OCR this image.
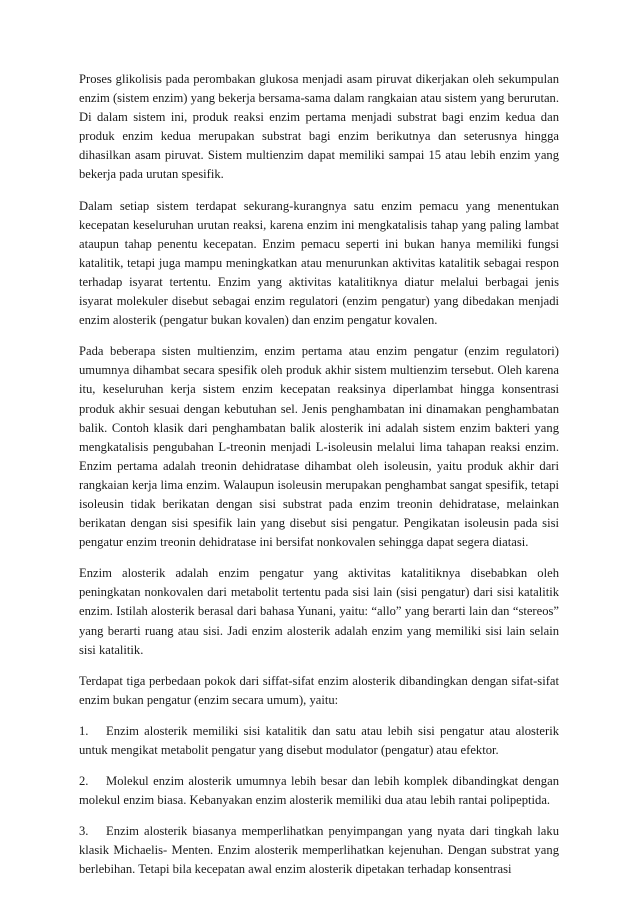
Proses glikolisis pada perombakan glukosa menjadi asam piruvat dikerjakan oleh sekumpulan enzim (sistem enzim) yang bekerja bersama-sama dalam rangkaian atau sistem yang berurutan. Di dalam sistem ini, produk reaksi enzim pertama menjadi substrat bagi enzim kedua dan produk enzim kedua merupakan substrat bagi enzim berikutnya dan seterusnya hingga dihasilkan asam piruvat. Sistem multienzim dapat memiliki sampai 15 atau lebih enzim yang bekerja pada urutan spesifik.

Dalam setiap sistem terdapat sekurang-kurangnya satu enzim pemacu yang menentukan kecepatan keseluruhan urutan reaksi, karena enzim ini mengkatalisis tahap yang paling lambat ataupun tahap penentu kecepatan. Enzim pemacu seperti ini bukan hanya memiliki fungsi katalitik, tetapi juga mampu meningkatkan atau menurunkan aktivitas katalitik sebagai respon terhadap isyarat tertentu. Enzim yang aktivitas katalitiknya diatur melalui berbagai jenis isyarat molekuler disebut sebagai enzim regulatori (enzim pengatur) yang dibedakan menjadi enzim alosterik (pengatur bukan kovalen) dan enzim pengatur kovalen.

Pada beberapa sisten multienzim, enzim pertama atau enzim pengatur (enzim regulatori) umumnya dihambat secara spesifik oleh produk akhir sistem multienzim tersebut. Oleh karena itu, keseluruhan kerja sistem enzim kecepatan reaksinya diperlambat hingga konsentrasi produk akhir sesuai dengan kebutuhan sel. Jenis penghambatan ini dinamakan penghambatan balik. Contoh klasik dari penghambatan balik alosterik ini adalah sistem enzim bakteri yang mengkatalisis pengubahan L-treonin menjadi L-isoleusin melalui lima tahapan reaksi enzim. Enzim pertama adalah treonin dehidratase dihambat oleh isoleusin, yaitu produk akhir dari rangkaian kerja lima enzim. Walaupun isoleusin merupakan penghambat sangat spesifik, tetapi isoleusin tidak berikatan dengan sisi substrat pada enzim treonin dehidratase, melainkan berikatan dengan sisi spesifik lain yang disebut sisi pengatur. Pengikatan isoleusin pada sisi pengatur enzim treonin dehidratase ini bersifat nonkovalen sehingga dapat segera diatasi.

Enzim alosterik adalah enzim pengatur yang aktivitas katalitiknya disebabkan oleh peningkatan nonkovalen dari metabolit tertentu pada sisi lain (sisi pengatur) dari sisi katalitik enzim. Istilah alosterik berasal dari bahasa Yunani, yaitu: “allo” yang berarti lain dan “stereos” yang berarti ruang atau sisi. Jadi enzim alosterik adalah enzim yang memiliki sisi lain selain sisi katalitik.

Terdapat tiga perbedaan pokok dari siffat-sifat enzim alosterik dibandingkan dengan sifat-sifat enzim bukan pengatur (enzim secara umum), yaitu:

1. Enzim alosterik memiliki sisi katalitik dan satu atau lebih sisi pengatur atau alosterik untuk mengikat metabolit pengatur yang disebut modulator (pengatur) atau efektor.

2. Molekul enzim alosterik umumnya lebih besar dan lebih komplek dibandingkat dengan molekul enzim biasa. Kebanyakan enzim alosterik memiliki dua atau lebih rantai polipeptida.

3. Enzim alosterik biasanya memperlihatkan penyimpangan yang nyata dari tingkah laku klasik Michaelis- Menten. Enzim alosterik memperlihatkan kejenuhan. Dengan substrat yang berlebihan. Tetapi bila kecepatan awal enzim alosterik dipetakan terhadap konsentrasi
